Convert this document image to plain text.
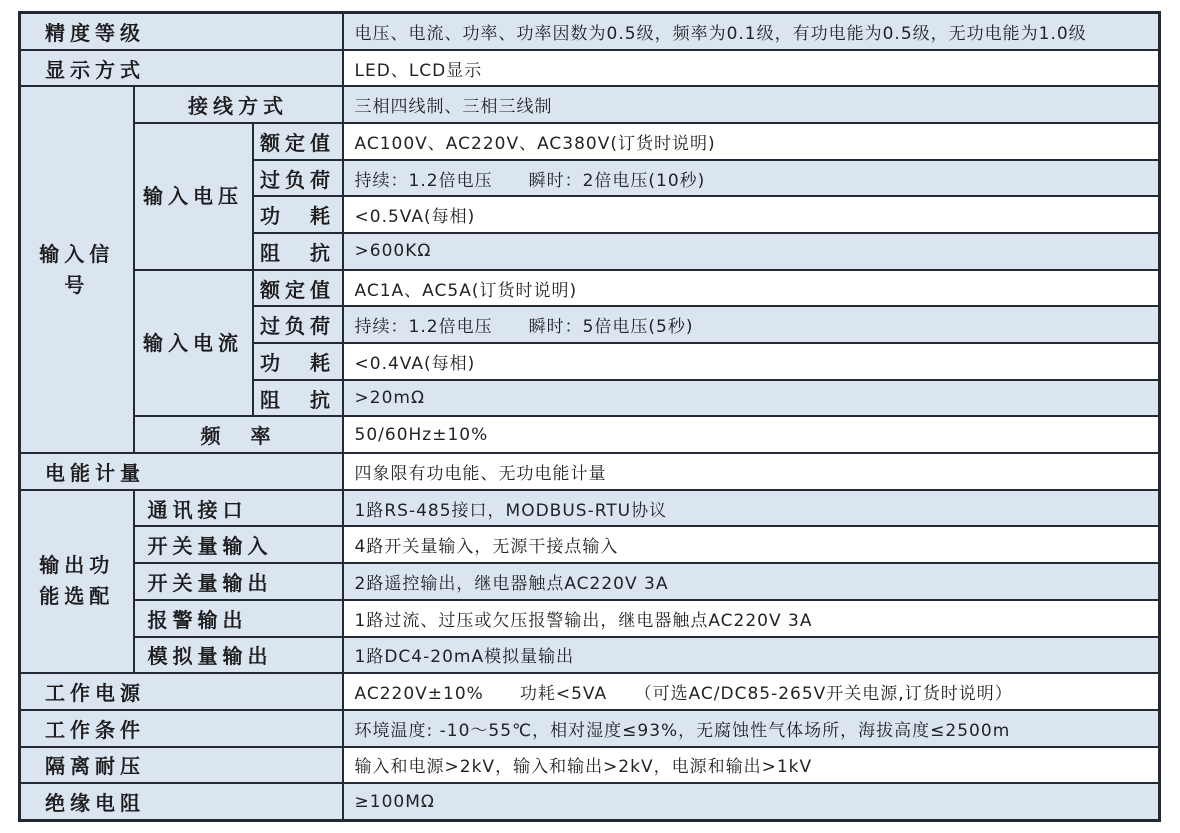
精度等级			电压、电流、功率、功率因数为0.5级，频率为0.1级，有功电能为0.5级，无功电能为1.0级
显示方式			LED、LCD显示
输入信号	接线方式		三相四线制、三相三线制
	输入电压	额定值	AC100V、AC220V、AC380V(订货时说明)
		过负荷	持续：1.2倍电压　　瞬时：2倍电压(10秒)
		功　耗	<0.5VA(每相)
		阻　抗	>600KΩ
	输入电流	额定值	AC1A、AC5A(订货时说明)
		过负荷	持续：1.2倍电压　　瞬时：5倍电压(5秒)
		功　耗	<0.4VA(每相)
		阻　抗	>20mΩ
	频　率		50/60Hz±10%
电能计量			四象限有功电能、无功电能计量
输出功能选配	通讯接口		1路RS-485接口，MODBUS-RTU协议
	开关量输入		4路开关量输入，无源干接点输入
	开关量输出		2路遥控输出，继电器触点AC220V 3A
	报警输出		1路过流、过压或欠压报警输出，继电器触点AC220V 3A
	模拟量输出		1路DC4-20mA模拟量输出
工作电源			AC220V±10%　　功耗<5VA　　（可选AC/DC85-265V开关电源,订货时说明）
工作条件			环境温度: -10～55℃，相对湿度≤93%，无腐蚀性气体场所，海拔高度≤2500m
隔离耐压			输入和电源>2kV，输入和输出>2kV，电源和输出>1kV
绝缘电阻			≥100MΩ
